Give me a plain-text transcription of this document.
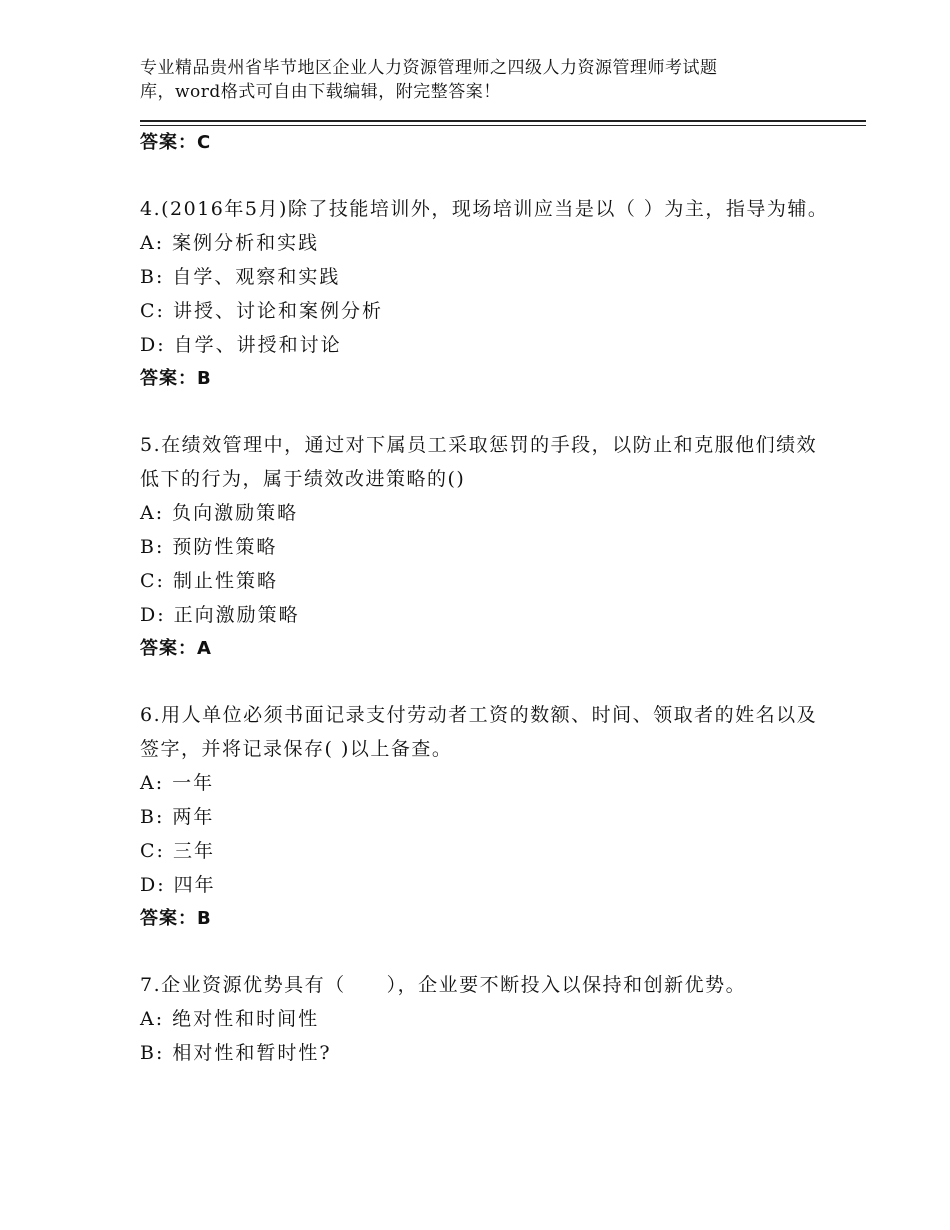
专业精品贵州省毕节地区企业人力资源管理师之四级人力资源管理师考试题
库，word格式可自由下载编辑，附完整答案！
答案：C
4.(2016年5月)除了技能培训外，现场培训应当是以（ ）为主，指导为辅。
A: 案例分析和实践
B: 自学、观察和实践
C: 讲授、讨论和案例分析
D: 自学、讲授和讨论
答案：B
5.在绩效管理中，通过对下属员工采取惩罚的手段，以防止和克服他们绩效低下的行为，属于绩效改进策略的()
A: 负向激励策略
B: 预防性策略
C: 制止性策略
D: 正向激励策略
答案：A
6.用人单位必须书面记录支付劳动者工资的数额、时间、领取者的姓名以及签字，并将记录保存( )以上备查。
A: 一年
B: 两年
C: 三年
D: 四年
答案：B
7.企业资源优势具有（　　），企业要不断投入以保持和创新优势。
A: 绝对性和时间性
B: 相对性和暂时性?
